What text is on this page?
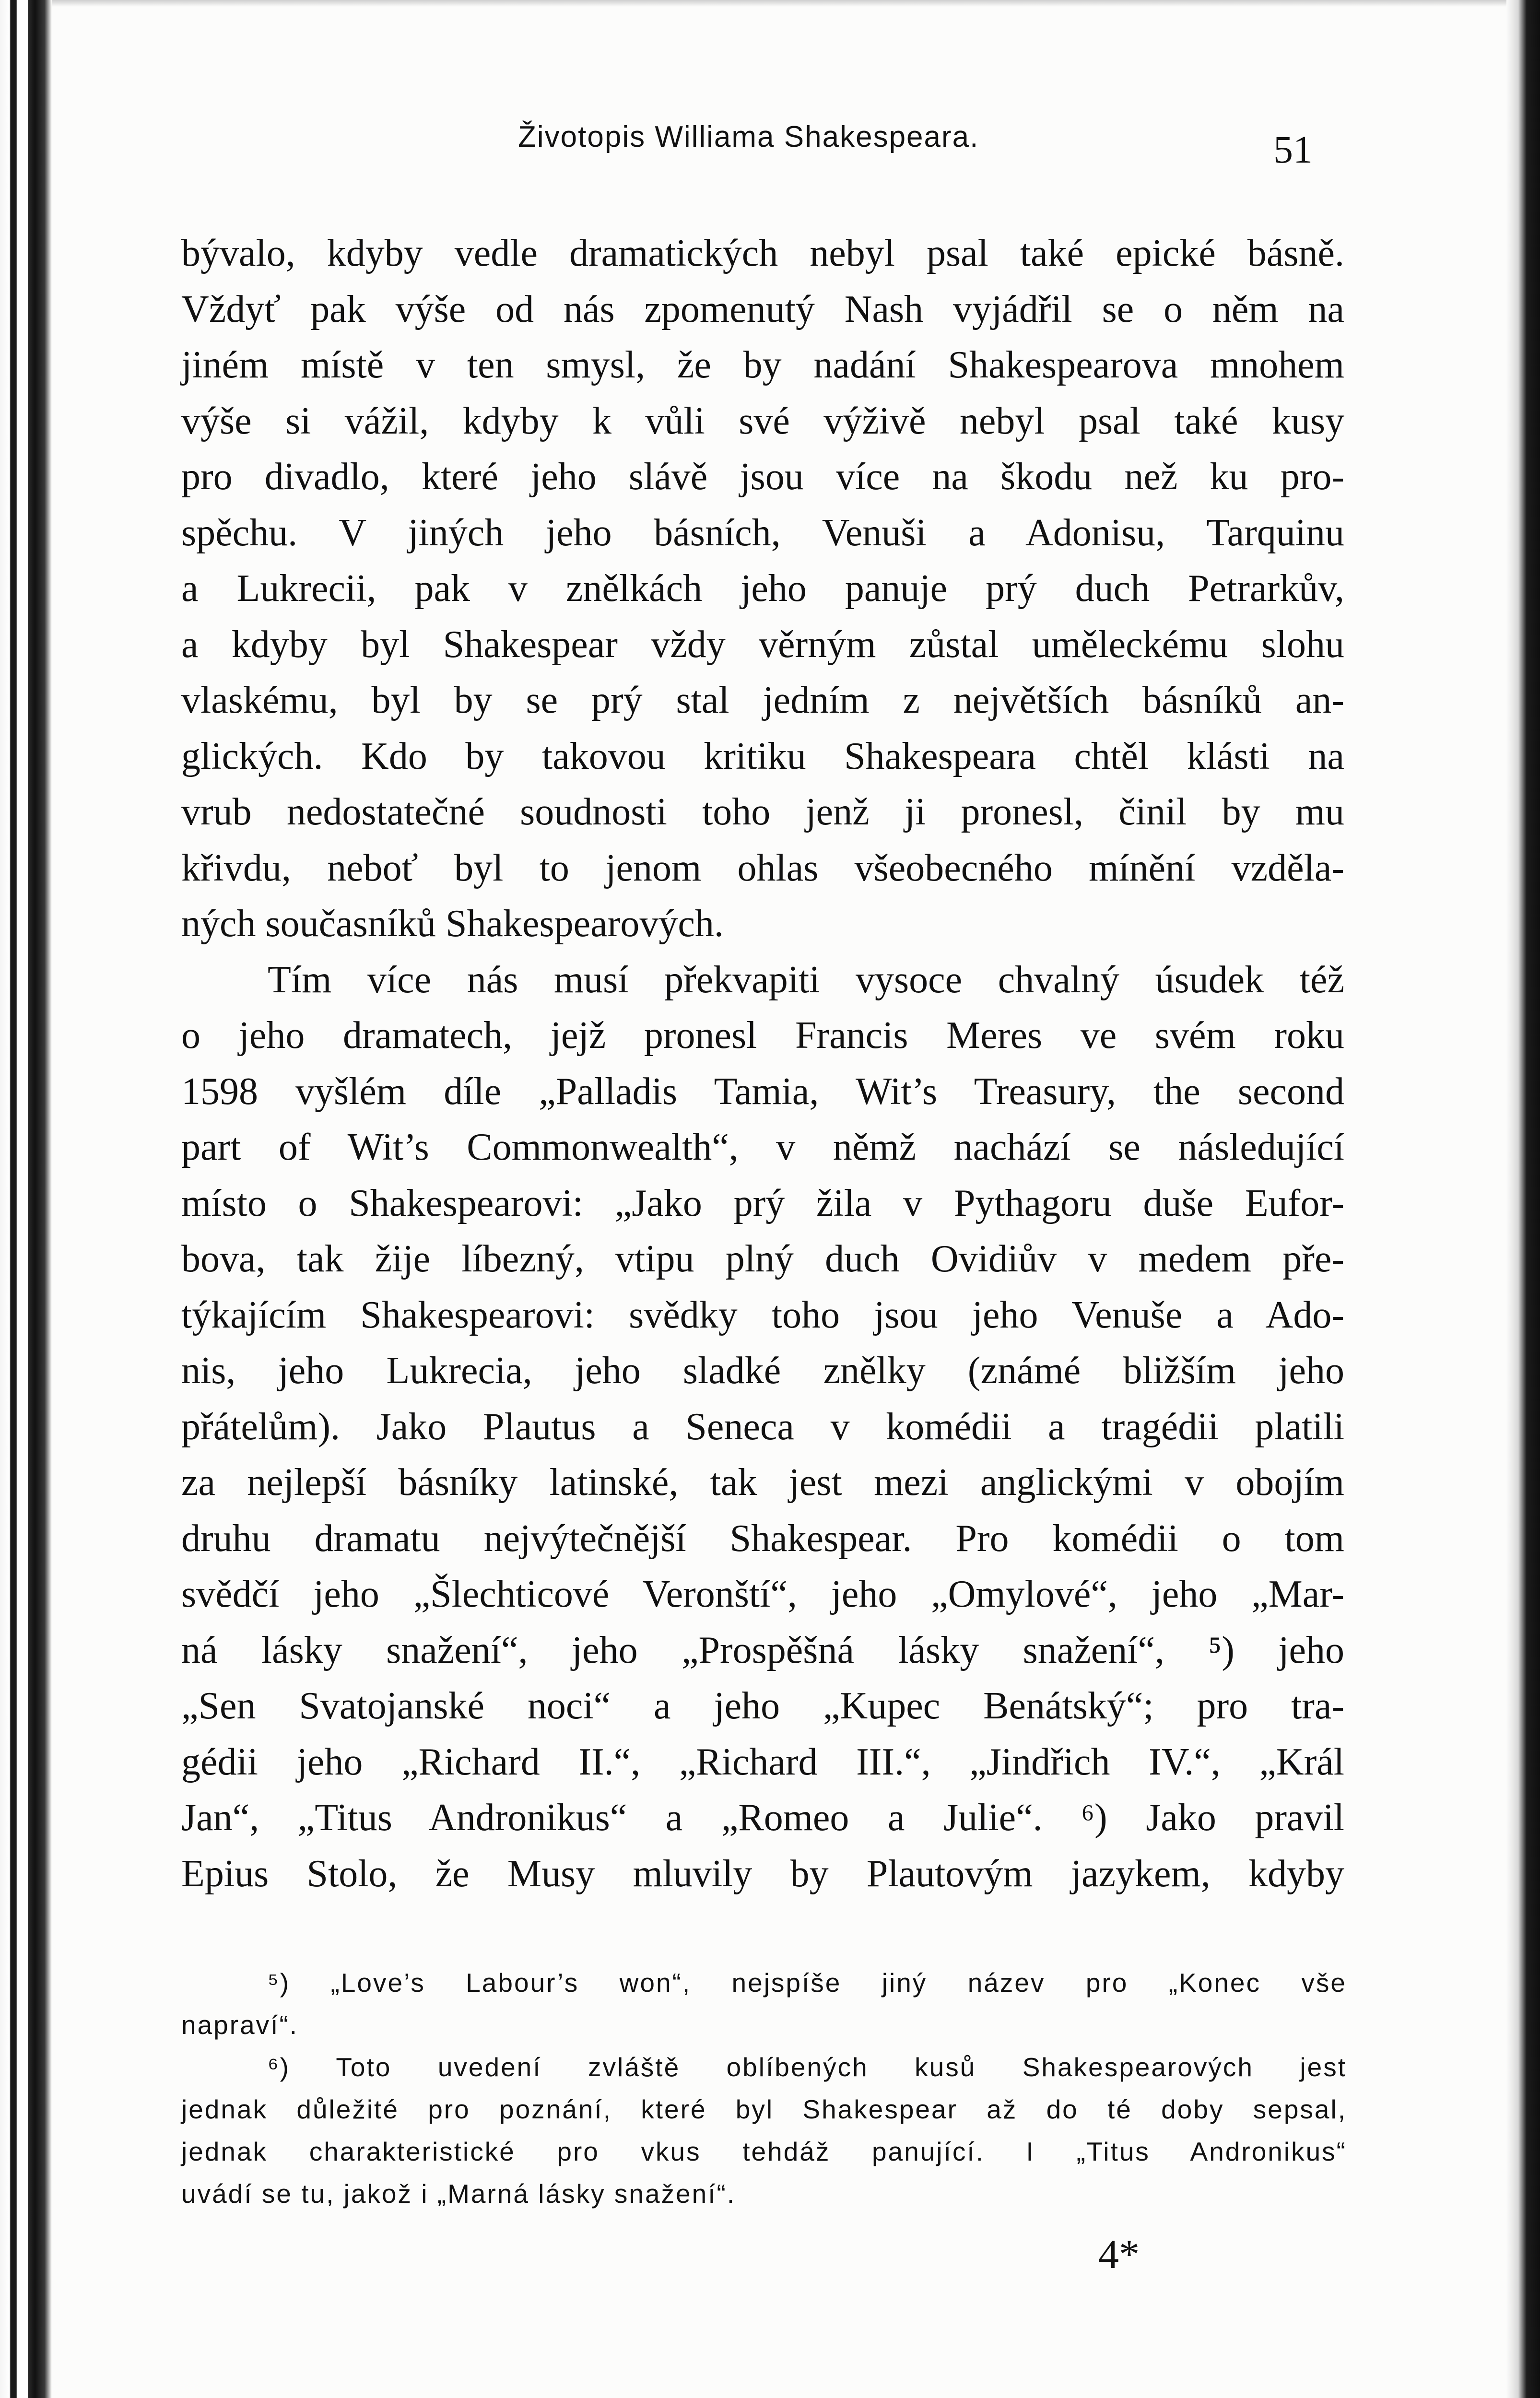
Životopis Williama Shakespeara.	51
bývalo, kdyby vedle dramatických nebyl psal také epické básně.
Vždyť pak výše od nás zpomenutý Nash vyjádřil se o něm na
jiném místě v ten smysl, že by nadání Shakespearova mnohem
výše si vážil, kdyby k vůli své výživě nebyl psal také kusy
pro divadlo, které jeho slávě jsou více na škodu než ku pro-
spěchu. V jiných jeho básních, Venuši a Adonisu, Tarquinu
a Lukrecii, pak v znělkách jeho panuje prý duch Petrarkův,
a kdyby byl Shakespear vždy věrným zůstal uměleckému slohu
vlaskému, byl by se prý stal jedním z největších básníků an-
glických. Kdo by takovou kritiku Shakespeara chtěl klásti na
vrub nedostatečné soudnosti toho jenž ji pronesl, činil by mu
křivdu, neboť byl to jenom ohlas všeobecného mínění vzděla-
ných současníků Shakespearových.
Tím více nás musí překvapiti vysoce chvalný úsudek též
o jeho dramatech, jejž pronesl Francis Meres ve svém roku
1598 vyšlém díle „Palladis Tamia, Wit’s Treasury, the second
part of Wit’s Commonwealth“, v němž nachází se následující
místo o Shakespearovi: „Jako prý žila v Pythagoru duše Eufor-
bova, tak žije líbezný, vtipu plný duch Ovidiův v medem pře-
týkajícím Shakespearovi: svědky toho jsou jeho Venuše a Ado-
nis, jeho Lukrecia, jeho sladké znělky (známé bližším jeho
přátelům). Jako Plautus a Seneca v komédii a tragédii platili
za nejlepší básníky latinské, tak jest mezi anglickými v obojím
druhu dramatu nejvýtečnější Shakespear. Pro komédii o tom
svědčí jeho „Šlechticové Veronští“, jeho „Omylové“, jeho „Mar-
ná lásky snažení“, jeho „Prospěšná lásky snažení“, ⁵) jeho
„Sen Svatojanské noci“ a jeho „Kupec Benátský“; pro tra-
gédii jeho „Richard II.“, „Richard III.“, „Jindřich IV.“, „Král
Jan“, „Titus Andronikus“ a „Romeo a Julie“. ⁶) Jako pravil
Epius Stolo, že Musy mluvily by Plautovým jazykem, kdyby
⁵) „Love’s Labour’s won“, nejspíše jiný název pro „Konec vše
napraví“.
⁶) Toto uvedení zvláště oblíbených kusů Shakespearových jest
jednak důležité pro poznání, které byl Shakespear až do té doby sepsal,
jednak charakteristické pro vkus tehdáž panující. I „Titus Andronikus“
uvádí se tu, jakož i „Marná lásky snažení“.
4*
